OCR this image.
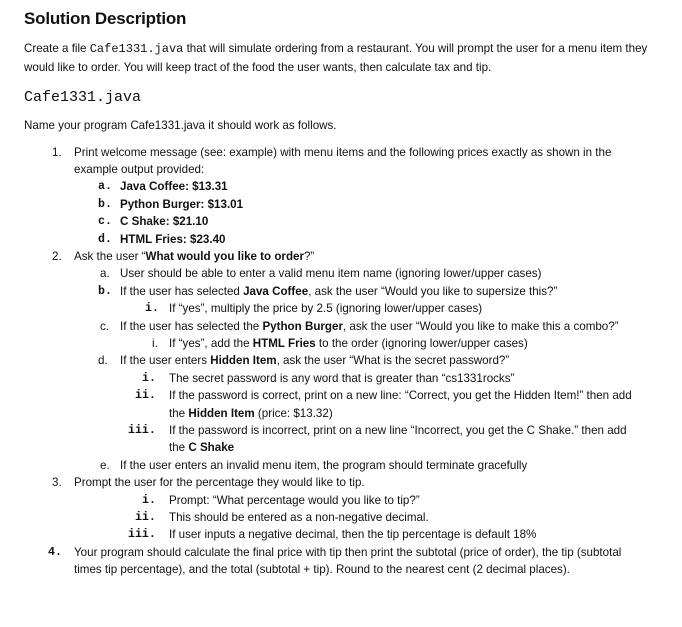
Solution Description

Create a file Cafe1331.java that will simulate ordering from a restaurant. You will prompt the user for a menu item they would like to order. You will keep tract of the food the user wants, then calculate tax and tip.

Cafe1331.java

Name your program Cafe1331.java it should work as follows.

1. Print welcome message (see: example) with menu items and the following prices exactly as shown in the example output provided:
a. Java Coffee: $13.31
b. Python Burger: $13.01
c. C Shake: $21.10
d. HTML Fries: $23.40
2. Ask the user “What would you like to order?”
a. User should be able to enter a valid menu item name (ignoring lower/upper cases)
b. If the user has selected Java Coffee, ask the user “Would you like to supersize this?”
i. If “yes”, multiply the price by 2.5 (ignoring lower/upper cases)
c. If the user has selected the Python Burger, ask the user “Would you like to make this a combo?”
i. If “yes”, add the HTML Fries to the order (ignoring lower/upper cases)
d. If the user enters Hidden Item, ask the user “What is the secret password?”
i. The secret password is any word that is greater than “cs1331rocks”
ii. If the password is correct, print on a new line: “Correct, you get the Hidden Item!” then add the Hidden Item (price: $13.32)
iii. If the password is incorrect, print on a new line “Incorrect, you get the C Shake.” then add the C Shake
e. If the user enters an invalid menu item, the program should terminate gracefully
3. Prompt the user for the percentage they would like to tip.
i. Prompt: “What percentage would you like to tip?”
ii. This should be entered as a non-negative decimal.
iii. If user inputs a negative decimal, then the tip percentage is default 18%
4. Your program should calculate the final price with tip then print the subtotal (price of order), the tip (subtotal times tip percentage), and the total (subtotal + tip). Round to the nearest cent (2 decimal places).
